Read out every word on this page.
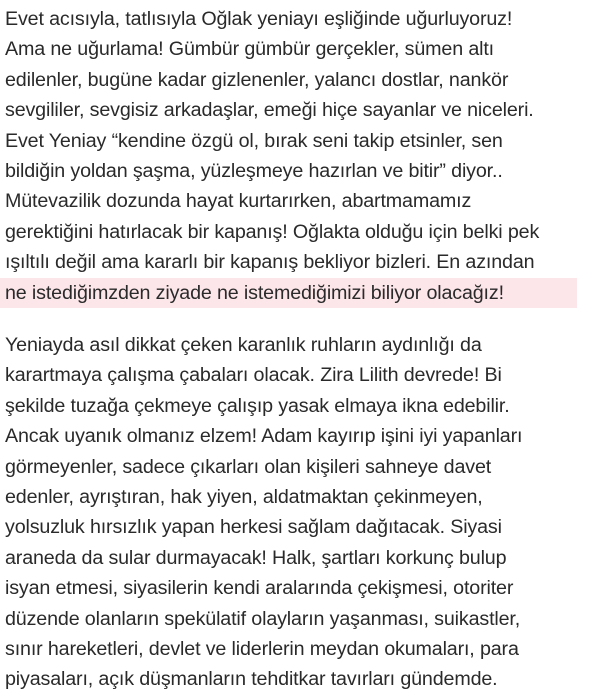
Evet acısıyla, tatlısıyla Oğlak yeniayı eşliğinde uğurluyoruz!
Ama ne uğurlama! Gümbür gümbür gerçekler, sümen altı
edilenler, bugüne kadar gizlenenler, yalancı dostlar, nankör
sevgililer, sevgisiz arkadaşlar, emeği hiçe sayanlar ve niceleri.
Evet Yeniay “kendine özgü ol, bırak seni takip etsinler, sen
bildiğin yoldan şaşma, yüzleşmeye hazırlan ve bitir” diyor..
Mütevazilik dozunda hayat kurtarırken, abartmamamız
gerektiğini hatırlacak bir kapanış! Oğlakta olduğu için belki pek
ışıltılı değil ama kararlı bir kapanış bekliyor bizleri. En azından
ne istediğimzden ziyade ne istemediğimizi biliyor olacağız!
Yeniayda asıl dikkat çeken karanlık ruhların aydınlığı da
karartmaya çalışma çabaları olacak. Zira Lilith devrede! Bi
şekilde tuzağa çekmeye çalışıp yasak elmaya ikna edebilir.
Ancak uyanık olmanız elzem! Adam kayırıp işini iyi yapanları
görmeyenler, sadece çıkarları olan kişileri sahneye davet
edenler, ayrıştıran, hak yiyen, aldatmaktan çekinmeyen,
yolsuzluk hırsızlık yapan herkesi sağlam dağıtacak. Siyasi
araneda da sular durmayacak! Halk, şartları korkunç bulup
isyan etmesi, siyasilerin kendi aralarında çekişmesi, otoriter
düzende olanların spekülatif olayların yaşanması, suikastler,
sınır hareketleri, devlet ve liderlerin meydan okumaları, para
piyasaları, açık düşmanların tehditkar tavırları gündemde.
